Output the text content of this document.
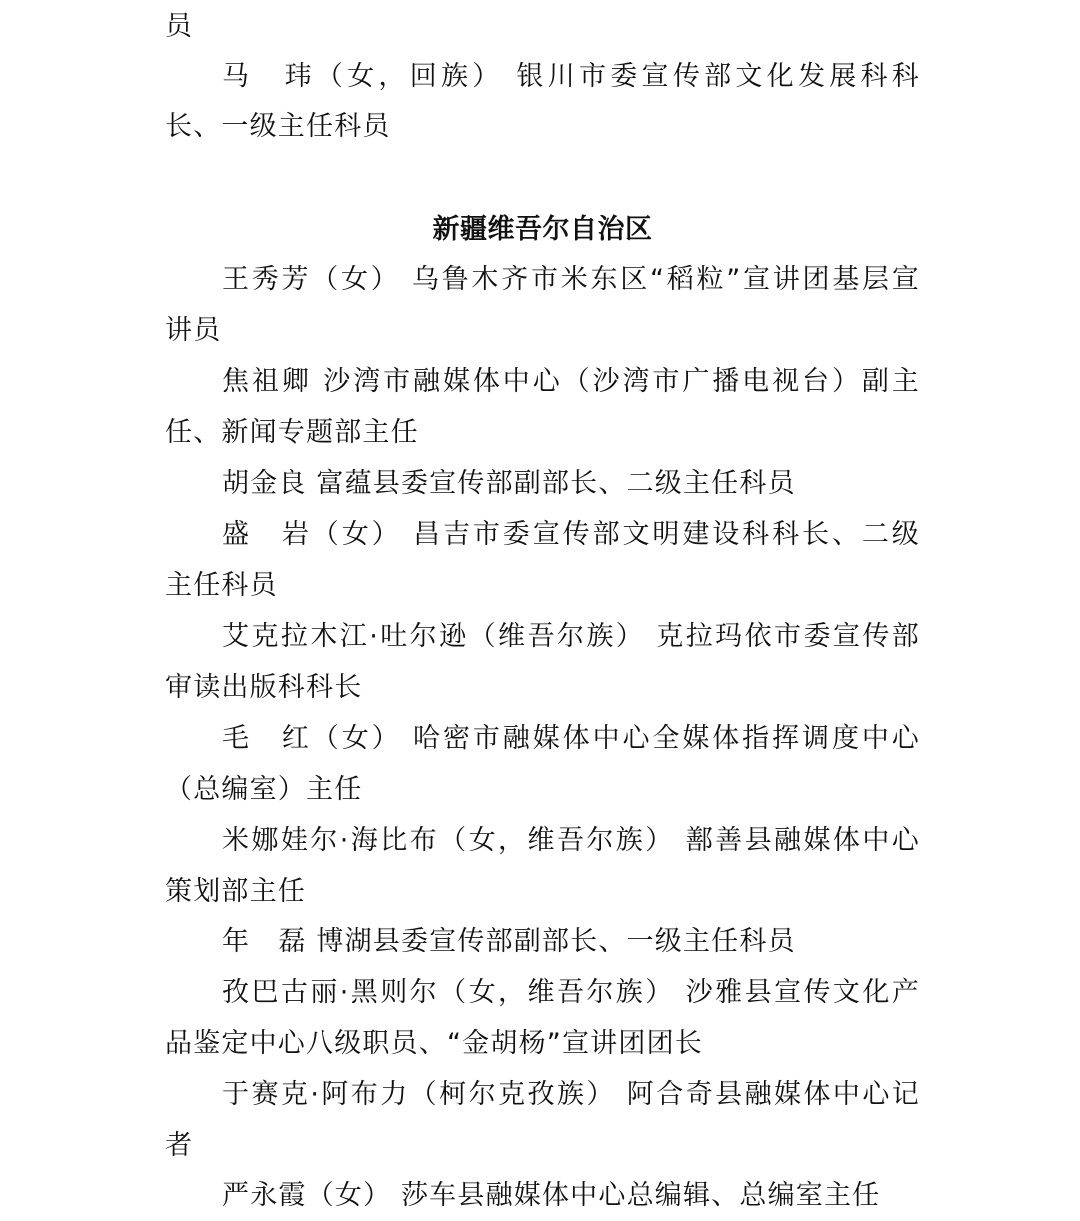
员
马　玮（女，回族） 银川市委宣传部文化发展科科
长、一级主任科员
新疆维吾尔自治区
王秀芳（女） 乌鲁木齐市米东区“稻粒”宣讲团基层宣
讲员
焦祖卿 沙湾市融媒体中心（沙湾市广播电视台）副主
任、新闻专题部主任
胡金良 富蕴县委宣传部副部长、二级主任科员
盛　岩（女） 昌吉市委宣传部文明建设科科长、二级
主任科员
艾克拉木江·吐尔逊（维吾尔族） 克拉玛依市委宣传部
审读出版科科长
毛　红（女） 哈密市融媒体中心全媒体指挥调度中心
（总编室）主任
米娜娃尔·海比布（女，维吾尔族） 鄯善县融媒体中心
策划部主任
年　磊 博湖县委宣传部副部长、一级主任科员
孜巴古丽·黑则尔（女，维吾尔族） 沙雅县宣传文化产
品鉴定中心八级职员、“金胡杨”宣讲团团长
于赛克·阿布力（柯尔克孜族） 阿合奇县融媒体中心记
者
严永霞（女） 莎车县融媒体中心总编辑、总编室主任
